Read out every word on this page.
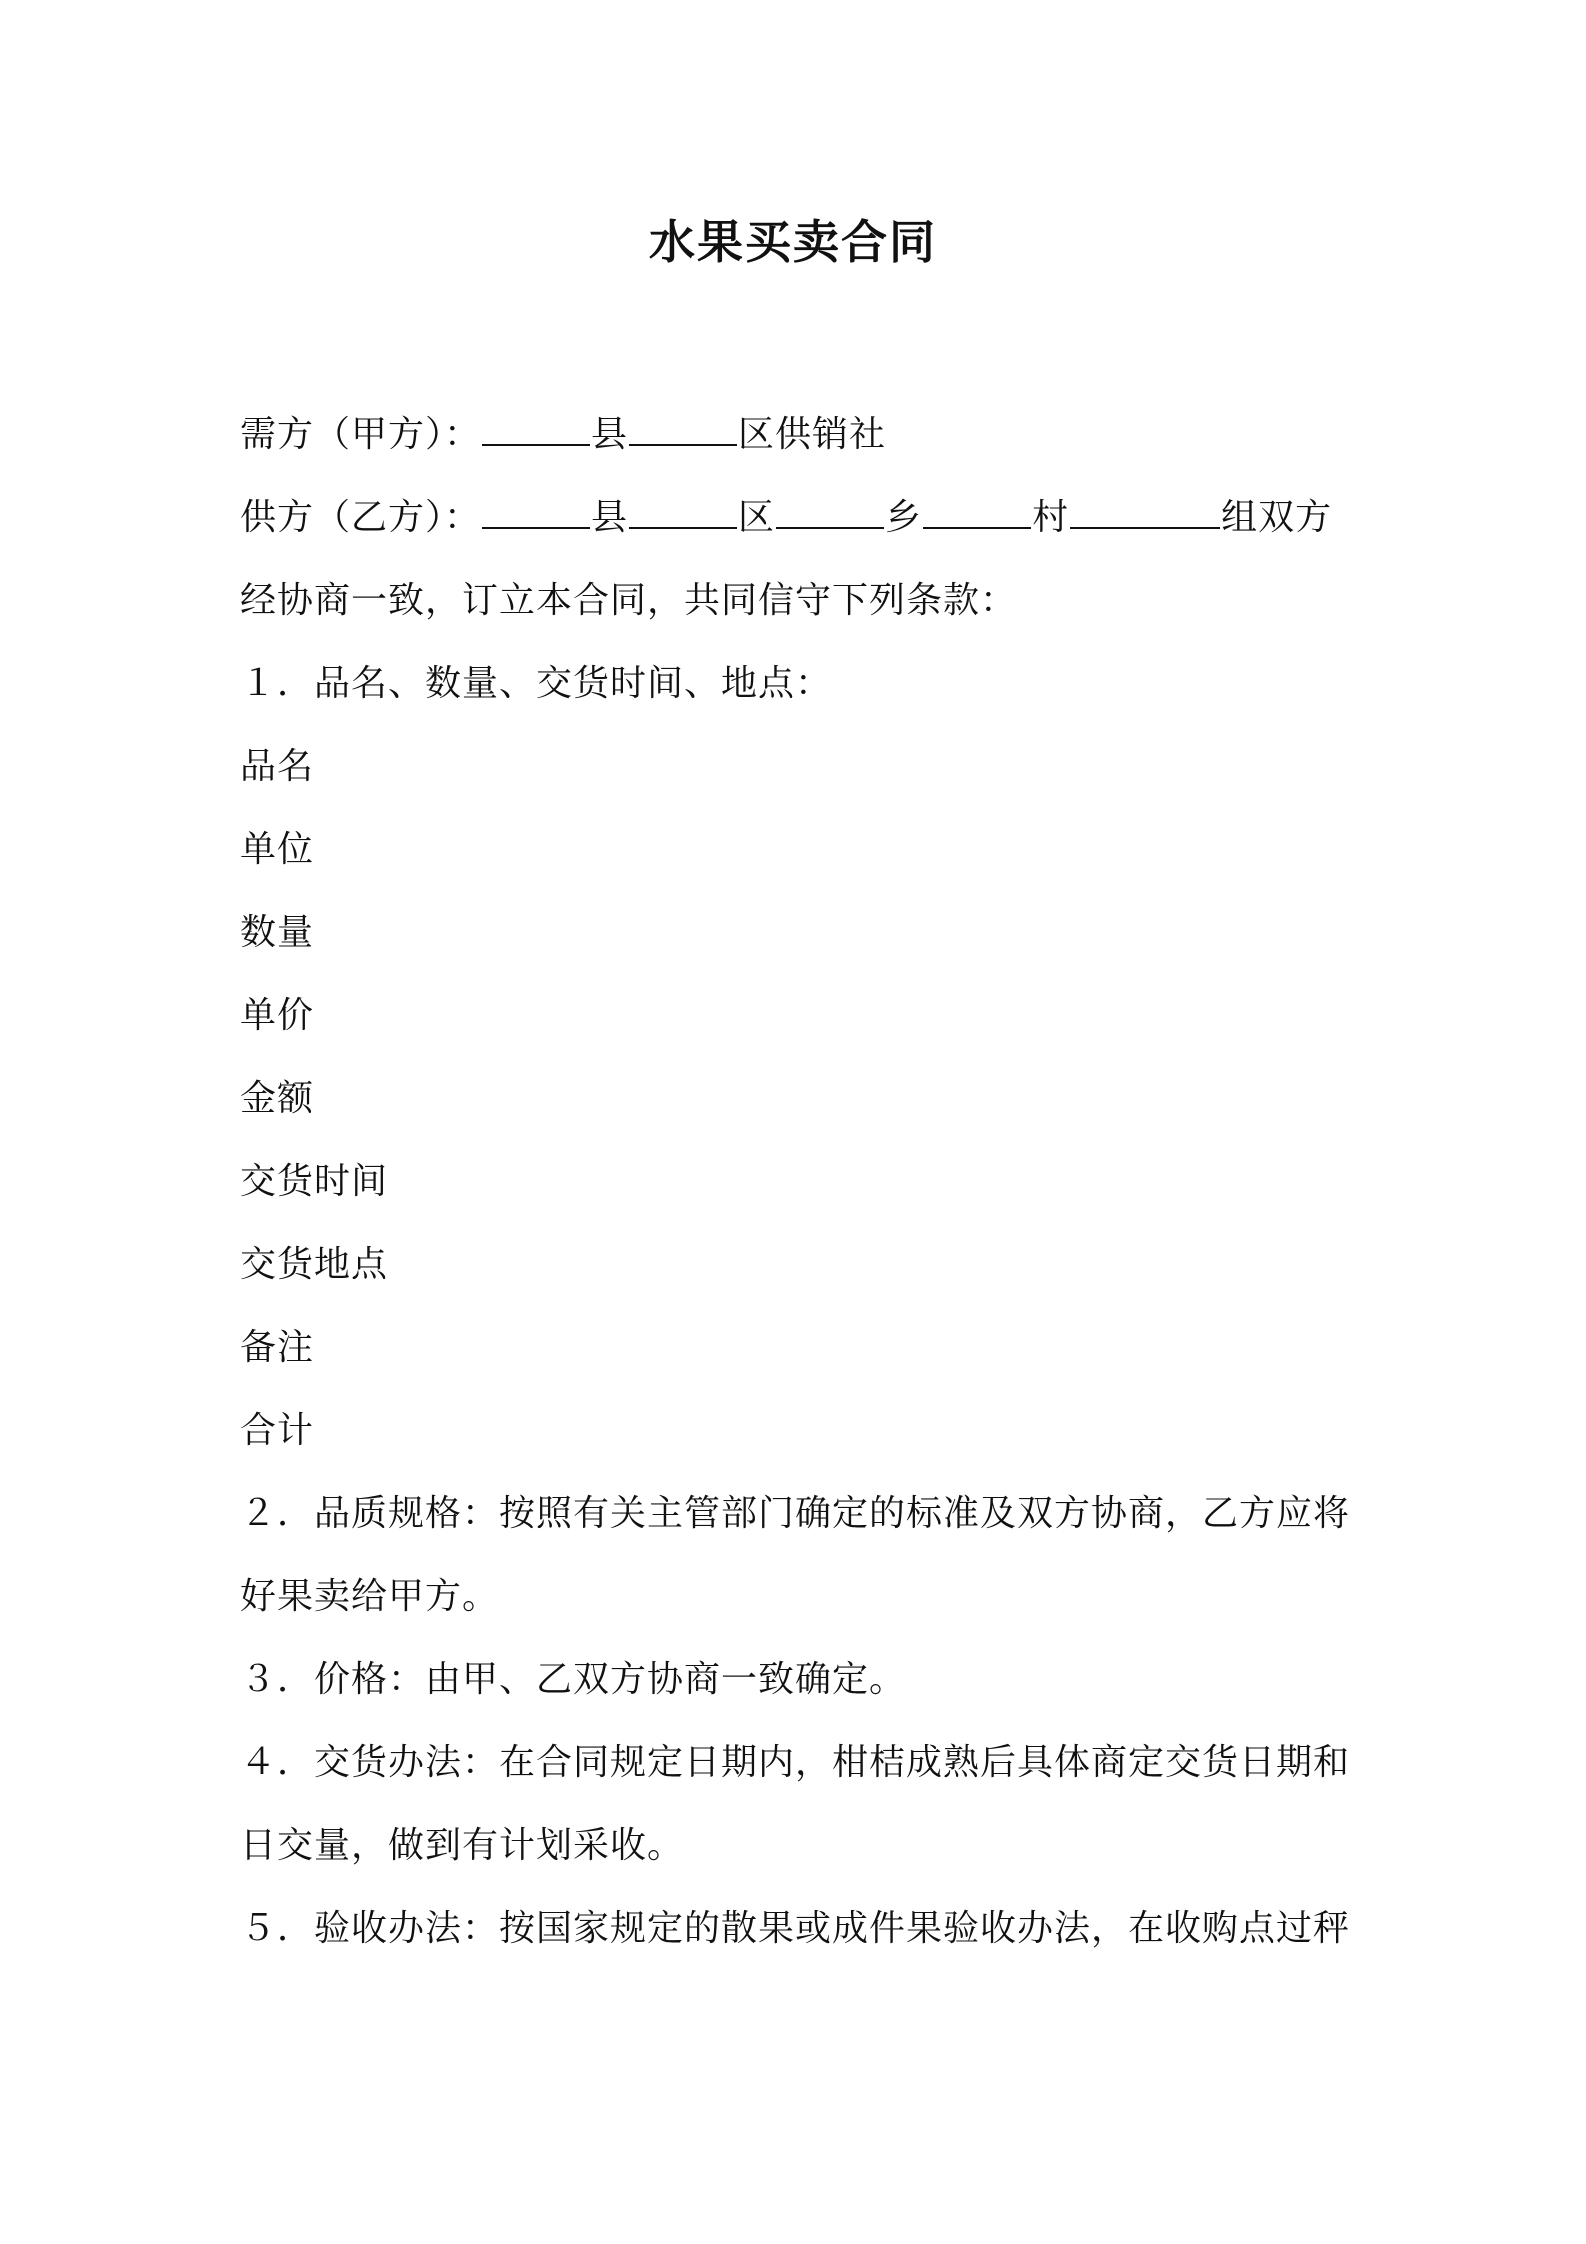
水果买卖合同
需方（甲方）：	县	区供销社
供方（乙方）：	县	区	乡	村	组双方
经协商一致，订立本合同，共同信守下列条款：
１．品名、数量、交货时间、地点：
品名
单位
数量
单价
金额
交货时间
交货地点
备注
合计
２．品质规格：按照有关主管部门确定的标准及双方协商，乙方应将
好果卖给甲方。
３．价格：由甲、乙双方协商一致确定。
４．交货办法：在合同规定日期内，柑桔成熟后具体商定交货日期和
日交量，做到有计划采收。
５．验收办法：按国家规定的散果或成件果验收办法，在收购点过秤
